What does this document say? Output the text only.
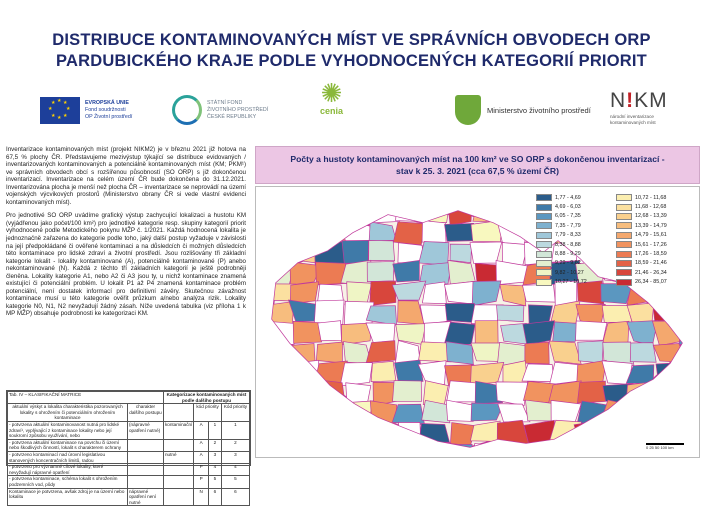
DISTRIBUCE KONTAMINOVANÝCH MÍST VE SPRÁVNÍCH OBVODECH ORP
PARDUBICKÉHO KRAJE PODLE VYHODNOCENÝCH KATEGORIÍ PRIORIT
★ ★
★
★
★
★
★
★	EVROPSKÁ UNIE
Fond soudržnosti
OP Životní prostředí
STÁTNÍ FOND
ŽIVOTNÍHO PROSTŘEDÍ
ČESKÉ REPUBLIKY
✺
cenia	Ministerstvo životního prostředí N!KM
národní inventarizace
kontaminovaných míst

Inventarizace kontaminovaných míst (projekt NIKM2) je v březnu 2021 již hotova na 67,5 % plochy ČR. Představujeme mezivýstup týkající se distribuce evidovaných / inventarizovaných kontaminovaných a potenciálně kontaminovaných míst (KM; PKM¹) ve správních obvodech obcí s rozšířenou působností (SO ORP) s již dokončenou inventarizací. Inventarizace na celém území ČR bude dokončena do 31.12.2021. Inventarizována plocha je menší než plocha ČR – inventarizace se neprovádí na území vojenských výcvikových prostorů (Ministerstvo obrany ČR si vede vlastní evidenci kontaminovaných míst).

Pro jednotlivé SO ORP uvádíme grafický výstup zachycující lokalizaci a hustotu KM (vyjádřenou jako počet/100 km²) pro jednotlivé kategorie resp. skupiny kategorií priorit vyhodnocené podle Metodického pokynu MŽP č. 1/2021. Každá hodnocená lokalita je jednoznačně zařazena do kategorie podle toho, jaký další postup vyžaduje v závislosti na její předpokládané či ověřené kontaminaci a na důsledcích či možných důsledcích této kontaminace pro lidské zdraví a životní prostředí. Jsou rozlišovány tři základní kategorie lokalit - lokality kontaminované (A), potenciálně kontaminované (P) anebo nekontaminované (N). Každá z těchto tří základních kategorií je ještě podrobněji členěna. Lokality kategorie A1, nebo A2 či A3 jsou ty, u nichž kontaminace znamená existující či potenciální problém. U lokalit P1 až P4 znamená kontaminace problém potenciální, není dostatek informací pro definitivní závěry. Skutečnou závažnost kontaminace musí u této kategorie ověřit průzkum a/nebo analýza rizik. Lokality kategorie N0, N1, N2 nevyžadují žádný zásah. Níže uvedená tabulka (viz příloha 1 k MP MŽP) obsahuje podrobnosti ke kategorizaci KM.

Tab. IV – KLASIFIKAČNÍ MATRICE		Kategorizace kontaminovaných míst podle dalšího postupu			
aktuální výskyt a lokalita charakteristika pozorovaných lokality s ohrožením či potenciálním ohrožením kontaminace	charakter dalšího postupu		kód priority		Kód priority
- potvrzena aktuální kontaminovanost nutná pro lidské zdraví¹, vyplývající z kontaminace lokality nebo její soukromí způsobu využívání, nebo	(nápravné opatření nutné)	kontaminační	A	1	1
- potvrzena aktuální kontaminace na povrchu či území nebo škodlivých činností, lokalit s charakterem ochrany			A	2	2
- potvrzeno kontaminací nad úrovní legislativou stanovených koncentračních limitů, radou		nutné	A	3	3
- potvrzeno pro významné cílové lokality, které nevyžadují nápravné opatření			P	4	4
- potvrzena kontaminace, schéma lokalit s ohrožením podzemních vod, půdy			P	5	5
Kontaminace je potvrzena, avšak zdroj je na území nebo lokalitu	nápravné opatření není nutné		N	6	6
Počty a hustoty kontaminovaných míst na 100 km² ve SO ORP s dokončenou inventarizací -
stav k 25. 3. 2021 (cca 67,5 % území ČR)
1,77 - 4,69
4,69 - 6,03
6,05 - 7,35
7,35 - 7,79
7,79 - 8,33
8,38 - 8,88
8,88 - 9,29
9,29 - 9,82
9,82 - 10,27
10,27 - 10,72
10,72 - 11,68
11,68 - 12,68
12,68 - 13,39
13,39 - 14,79
14,79 - 15,61
15,61 - 17,26
17,26 - 18,59
18,59 - 21,46
21,46 - 26,34
26,34 - 85,07
0 25 50 100 km
